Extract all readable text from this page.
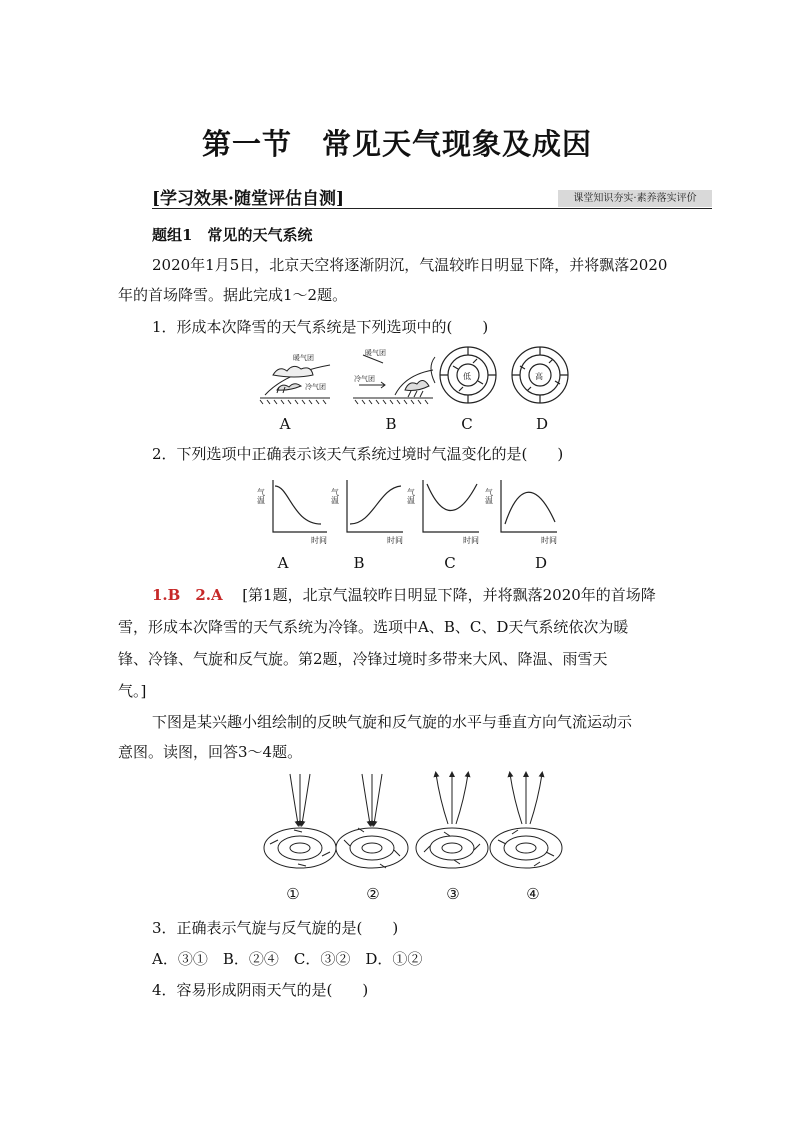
第一节　常见天气现象及成因
[学习效果·随堂评估自测]	课堂知识夯实·素养落实评价
题组1　常见的天气系统
2020年1月5日，北京天空将逐渐阴沉，气温较昨日明显下降，并将飘落2020
年的首场降雪。据此完成1～2题。
1．形成本次降雪的天气系统是下列选项中的(　　)
暖气团
冷气团
暖气团
冷气团	低	高
A	B	C	D
2．下列选项中正确表示该天气系统过境时气温变化的是(　　)
气温
时间
气温
时间
气温
时间
气温
时间
A	B	C	D
1.B　2.A [第1题，北京气温较昨日明显下降，并将飘落2020年的首场降
雪，形成本次降雪的天气系统为冷锋。选项中A、B、C、D天气系统依次为暖
锋、冷锋、气旋和反气旋。第2题，冷锋过境时多带来大风、降温、雨雪天
气。]
下图是某兴趣小组绘制的反映气旋和反气旋的水平与垂直方向气流运动示
意图。读图，回答3～4题。
①	②	③	④
3．正确表示气旋与反气旋的是(　　)
A．③①　B．②④　C．③②　D．①②
4．容易形成阴雨天气的是(　　)
